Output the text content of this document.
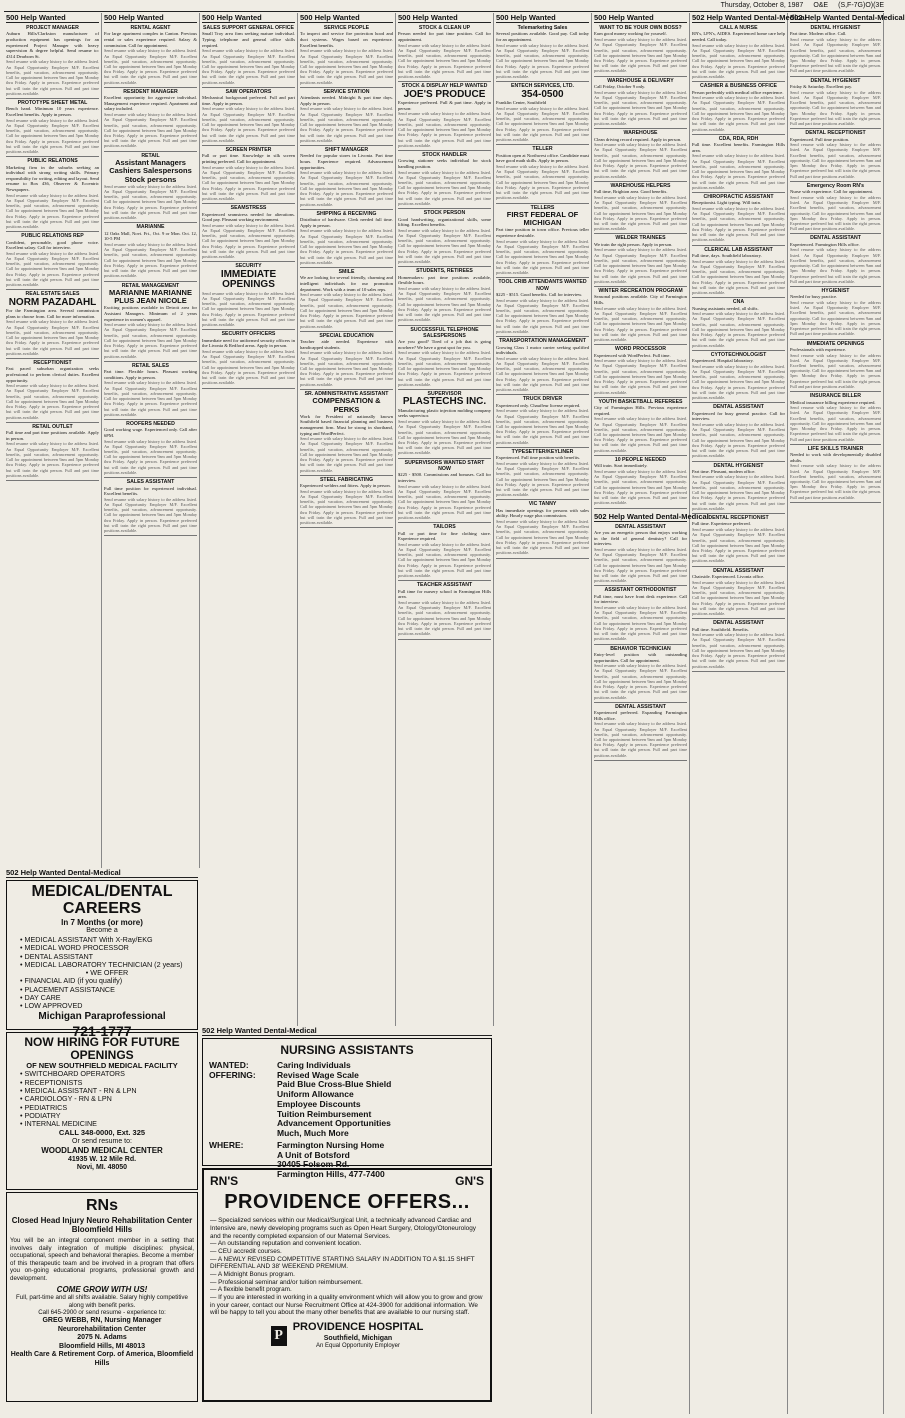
Thursday, October 8, 1987 O&E (S,F-7G)O)(3E
500 Help Wanted
PROJECT MANAGER

Auburn Hills/Clarkston manufacturer of production equipment has openings for an experienced Project Manager with heavy supervision & degree helpful. Send resume to: 4314 Dearborn St.

Send resume with salary history to the address listed. An Equal Opportunity Employer M/F. Excellent benefits, paid vacation, advancement opportunity. Call for appointment between 9am and 5pm Monday thru Friday. Apply in person. Experience preferred but will train the right person. Full and part time positions available.

PROTOTYPE SHEET METAL

Bench hand. Minimum 10 years experience. Excellent benefits. Apply in person.

Send resume with salary history to the address listed. An Equal Opportunity Employer M/F. Excellent benefits, paid vacation, advancement opportunity. Call for appointment between 9am and 5pm Monday thru Friday. Apply in person. Experience preferred but will train the right person. Full and part time positions available.

PUBLIC RELATIONS

Marketing firm in the suburbs seeking an individual with strong writing skills. Primary responsibility for writing, editing and layout. Send resume to Box 436, Observer & Eccentric Newspapers.

Send resume with salary history to the address listed. An Equal Opportunity Employer M/F. Excellent benefits, paid vacation, advancement opportunity. Call for appointment between 9am and 5pm Monday thru Friday. Apply in person. Experience preferred but will train the right person. Full and part time positions available.

PUBLIC RELATIONS REP

Confident, personable, good phone voice. Excellent salary. Call for interview.

Send resume with salary history to the address listed. An Equal Opportunity Employer M/F. Excellent benefits, paid vacation, advancement opportunity. Call for appointment between 9am and 5pm Monday thru Friday. Apply in person. Experience preferred but will train the right person. Full and part time positions available.

REAL ESTATE SALES
NORM PAZADAHL

For the Farmington area. Several commission plans to choose from. Call for more information.

Send resume with salary history to the address listed. An Equal Opportunity Employer M/F. Excellent benefits, paid vacation, advancement opportunity. Call for appointment between 9am and 5pm Monday thru Friday. Apply in person. Experience preferred but will train the right person. Full and part time positions available.

RECEPTIONIST

Fast paced suburban organization seeks professional to perform clerical duties. Excellent opportunity.

Send resume with salary history to the address listed. An Equal Opportunity Employer M/F. Excellent benefits, paid vacation, advancement opportunity. Call for appointment between 9am and 5pm Monday thru Friday. Apply in person. Experience preferred but will train the right person. Full and part time positions available.

RETAIL OUTLET

Full time and part time positions available. Apply in person.

Send resume with salary history to the address listed. An Equal Opportunity Employer M/F. Excellent benefits, paid vacation, advancement opportunity. Call for appointment between 9am and 5pm Monday thru Friday. Apply in person. Experience preferred but will train the right person. Full and part time positions available.

500 Help Wanted
RENTAL AGENT

For large apartment complex in Canton. Previous rental or sales experience required. Salary & commission. Call for appointment.

Send resume with salary history to the address listed. An Equal Opportunity Employer M/F. Excellent benefits, paid vacation, advancement opportunity. Call for appointment between 9am and 5pm Monday thru Friday. Apply in person. Experience preferred but will train the right person. Full and part time positions available.

RESIDENT MANAGER

Excellent opportunity for aggressive individual. Management experience required. Apartment and salary included.

Send resume with salary history to the address listed. An Equal Opportunity Employer M/F. Excellent benefits, paid vacation, advancement opportunity. Call for appointment between 9am and 5pm Monday thru Friday. Apply in person. Experience preferred but will train the right person. Full and part time positions available.

RETAIL
Assistant Managers Cashiers Salespersons Stock persons

Send resume with salary history to the address listed. An Equal Opportunity Employer M/F. Excellent benefits, paid vacation, advancement opportunity. Call for appointment between 9am and 5pm Monday thru Friday. Apply in person. Experience preferred but will train the right person. Full and part time positions available.

MARIANNE

12 Oaks Mall, Novi. Fri., Oct. 9 or Mon. Oct. 12, 10-5 PM

Send resume with salary history to the address listed. An Equal Opportunity Employer M/F. Excellent benefits, paid vacation, advancement opportunity. Call for appointment between 9am and 5pm Monday thru Friday. Apply in person. Experience preferred but will train the right person. Full and part time positions available.

RETAIL MANAGEMENT
MARIANNE MARIANNE PLUS JEAN NICOLE

Exciting positions available in Detroit area for Assistant Managers. Minimum of 2 years experience in women's apparel.

Send resume with salary history to the address listed. An Equal Opportunity Employer M/F. Excellent benefits, paid vacation, advancement opportunity. Call for appointment between 9am and 5pm Monday thru Friday. Apply in person. Experience preferred but will train the right person. Full and part time positions available.

RETAIL SALES

Part time. Flexible hours. Pleasant working conditions. Apply in person.

Send resume with salary history to the address listed. An Equal Opportunity Employer M/F. Excellent benefits, paid vacation, advancement opportunity. Call for appointment between 9am and 5pm Monday thru Friday. Apply in person. Experience preferred but will train the right person. Full and part time positions available.

ROOFERS NEEDED

Good working wage. Experienced only. Call after 6PM.

Send resume with salary history to the address listed. An Equal Opportunity Employer M/F. Excellent benefits, paid vacation, advancement opportunity. Call for appointment between 9am and 5pm Monday thru Friday. Apply in person. Experience preferred but will train the right person. Full and part time positions available.

SALES ASSISTANT

Full time position for experienced individual. Excellent benefits.

Send resume with salary history to the address listed. An Equal Opportunity Employer M/F. Excellent benefits, paid vacation, advancement opportunity. Call for appointment between 9am and 5pm Monday thru Friday. Apply in person. Experience preferred but will train the right person. Full and part time positions available.

500 Help Wanted
SALES SUPPORT GENERAL OFFICE

Small Troy area firm seeking mature individual. Typing, telephone and general office skills required.

Send resume with salary history to the address listed. An Equal Opportunity Employer M/F. Excellent benefits, paid vacation, advancement opportunity. Call for appointment between 9am and 5pm Monday thru Friday. Apply in person. Experience preferred but will train the right person. Full and part time positions available.

SAW OPERATORS

Mechanical background preferred. Full and part time. Apply in person.

Send resume with salary history to the address listed. An Equal Opportunity Employer M/F. Excellent benefits, paid vacation, advancement opportunity. Call for appointment between 9am and 5pm Monday thru Friday. Apply in person. Experience preferred but will train the right person. Full and part time positions available.

SCREEN PRINTER

Full or part time. Knowledge in silk screen printing preferred. Call for appointment.

Send resume with salary history to the address listed. An Equal Opportunity Employer M/F. Excellent benefits, paid vacation, advancement opportunity. Call for appointment between 9am and 5pm Monday thru Friday. Apply in person. Experience preferred but will train the right person. Full and part time positions available.

SEAMSTRESS

Experienced seamstress needed for alterations. Good pay. Pleasant working environment.

Send resume with salary history to the address listed. An Equal Opportunity Employer M/F. Excellent benefits, paid vacation, advancement opportunity. Call for appointment between 9am and 5pm Monday thru Friday. Apply in person. Experience preferred but will train the right person. Full and part time positions available.

SECURITY
IMMEDIATE OPENINGS

Send resume with salary history to the address listed. An Equal Opportunity Employer M/F. Excellent benefits, paid vacation, advancement opportunity. Call for appointment between 9am and 5pm Monday thru Friday. Apply in person. Experience preferred but will train the right person. Full and part time positions available.

SECURITY OFFICERS

Immediate need for uniformed security officers in the Livonia & Redford areas. Apply in person.

Send resume with salary history to the address listed. An Equal Opportunity Employer M/F. Excellent benefits, paid vacation, advancement opportunity. Call for appointment between 9am and 5pm Monday thru Friday. Apply in person. Experience preferred but will train the right person. Full and part time positions available.

500 Help Wanted
SERVICE PEOPLE

To inspect and service fire protection hood and duct systems. Wages based on experience. Excellent benefits.

Send resume with salary history to the address listed. An Equal Opportunity Employer M/F. Excellent benefits, paid vacation, advancement opportunity. Call for appointment between 9am and 5pm Monday thru Friday. Apply in person. Experience preferred but will train the right person. Full and part time positions available.

SERVICE STATION

Attendants needed. Midnight & part time days. Apply in person.

Send resume with salary history to the address listed. An Equal Opportunity Employer M/F. Excellent benefits, paid vacation, advancement opportunity. Call for appointment between 9am and 5pm Monday thru Friday. Apply in person. Experience preferred but will train the right person. Full and part time positions available.

SHIFT MANAGER

Needed for popular stores in Livonia. Part time hours. Experience required. Advancement opportunities.

Send resume with salary history to the address listed. An Equal Opportunity Employer M/F. Excellent benefits, paid vacation, advancement opportunity. Call for appointment between 9am and 5pm Monday thru Friday. Apply in person. Experience preferred but will train the right person. Full and part time positions available.

SHIPPING & RECEIVING

Distributor of hardware. Clerk needed full time. Apply in person.

Send resume with salary history to the address listed. An Equal Opportunity Employer M/F. Excellent benefits, paid vacation, advancement opportunity. Call for appointment between 9am and 5pm Monday thru Friday. Apply in person. Experience preferred but will train the right person. Full and part time positions available.

SMILE

We are looking for several friendly, charming and intelligent individuals for our promotion department. Work with a team of 10 sales reps.

Send resume with salary history to the address listed. An Equal Opportunity Employer M/F. Excellent benefits, paid vacation, advancement opportunity. Call for appointment between 9am and 5pm Monday thru Friday. Apply in person. Experience preferred but will train the right person. Full and part time positions available.

SPECIAL EDUCATION

Teacher aide needed. Experience with handicapped students.

Send resume with salary history to the address listed. An Equal Opportunity Employer M/F. Excellent benefits, paid vacation, advancement opportunity. Call for appointment between 9am and 5pm Monday thru Friday. Apply in person. Experience preferred but will train the right person. Full and part time positions available.

SR. ADMINISTRATIVE ASSISTANT
COMPENSATION & PERKS

Work for President of nationally known Southfield based financial planning and business management firm. Must be strong in shorthand, typing and WordPerfect.

Send resume with salary history to the address listed. An Equal Opportunity Employer M/F. Excellent benefits, paid vacation, advancement opportunity. Call for appointment between 9am and 5pm Monday thru Friday. Apply in person. Experience preferred but will train the right person. Full and part time positions available.

STEEL FABRICATING

Experienced welders and fitters. Apply in person.

Send resume with salary history to the address listed. An Equal Opportunity Employer M/F. Excellent benefits, paid vacation, advancement opportunity. Call for appointment between 9am and 5pm Monday thru Friday. Apply in person. Experience preferred but will train the right person. Full and part time positions available.

500 Help Wanted
STOCK & CLEAN UP

Person needed for part time position. Call for appointment.

Send resume with salary history to the address listed. An Equal Opportunity Employer M/F. Excellent benefits, paid vacation, advancement opportunity. Call for appointment between 9am and 5pm Monday thru Friday. Apply in person. Experience preferred but will train the right person. Full and part time positions available.

STOCK & DISPLAY HELP WANTED
JOE'S PRODUCE

Experience preferred. Full & part time. Apply in person:

Send resume with salary history to the address listed. An Equal Opportunity Employer M/F. Excellent benefits, paid vacation, advancement opportunity. Call for appointment between 9am and 5pm Monday thru Friday. Apply in person. Experience preferred but will train the right person. Full and part time positions available.

STOCK HANDLER

Growing stationer seeks individual for stock handling position.

Send resume with salary history to the address listed. An Equal Opportunity Employer M/F. Excellent benefits, paid vacation, advancement opportunity. Call for appointment between 9am and 5pm Monday thru Friday. Apply in person. Experience preferred but will train the right person. Full and part time positions available.

STOCK PERSON

Good handwriting, organizational skills, some lifting. Excellent benefits.

Send resume with salary history to the address listed. An Equal Opportunity Employer M/F. Excellent benefits, paid vacation, advancement opportunity. Call for appointment between 9am and 5pm Monday thru Friday. Apply in person. Experience preferred but will train the right person. Full and part time positions available.

STUDENTS, RETIREES

Homemakers: part time positions available, flexible hours.

Send resume with salary history to the address listed. An Equal Opportunity Employer M/F. Excellent benefits, paid vacation, advancement opportunity. Call for appointment between 9am and 5pm Monday thru Friday. Apply in person. Experience preferred but will train the right person. Full and part time positions available.

SUCCESSFUL TELEPHONE SALESPERSONS

Are you good? Tired of a job that is going nowhere? We have a great spot for you.

Send resume with salary history to the address listed. An Equal Opportunity Employer M/F. Excellent benefits, paid vacation, advancement opportunity. Call for appointment between 9am and 5pm Monday thru Friday. Apply in person. Experience preferred but will train the right person. Full and part time positions available.

SUPERVISOR
PLASTECHS INC.

Manufacturing plastic injection molding company seeks supervisor.

Send resume with salary history to the address listed. An Equal Opportunity Employer M/F. Excellent benefits, paid vacation, advancement opportunity. Call for appointment between 9am and 5pm Monday thru Friday. Apply in person. Experience preferred but will train the right person. Full and part time positions available.

SUPERVISORS WANTED START NOW

$225 - $500. Commissions and bonuses. Call for interview.

Send resume with salary history to the address listed. An Equal Opportunity Employer M/F. Excellent benefits, paid vacation, advancement opportunity. Call for appointment between 9am and 5pm Monday thru Friday. Apply in person. Experience preferred but will train the right person. Full and part time positions available.

TAILORS

Full or part time for fine clothing store. Experience required.

Send resume with salary history to the address listed. An Equal Opportunity Employer M/F. Excellent benefits, paid vacation, advancement opportunity. Call for appointment between 9am and 5pm Monday thru Friday. Apply in person. Experience preferred but will train the right person. Full and part time positions available.

TEACHER ASSISTANT

Full time for nursery school in Farmington Hills area.

Send resume with salary history to the address listed. An Equal Opportunity Employer M/F. Excellent benefits, paid vacation, advancement opportunity. Call for appointment between 9am and 5pm Monday thru Friday. Apply in person. Experience preferred but will train the right person. Full and part time positions available.

500 Help Wanted
Telemarketing Sales

Several positions available. Good pay. Call today for an appointment.

Send resume with salary history to the address listed. An Equal Opportunity Employer M/F. Excellent benefits, paid vacation, advancement opportunity. Call for appointment between 9am and 5pm Monday thru Friday. Apply in person. Experience preferred but will train the right person. Full and part time positions available.

ENTECH SERVICES, LTD.
354-0500

Franklin Center, Southfield

Send resume with salary history to the address listed. An Equal Opportunity Employer M/F. Excellent benefits, paid vacation, advancement opportunity. Call for appointment between 9am and 5pm Monday thru Friday. Apply in person. Experience preferred but will train the right person. Full and part time positions available.

TELLER

Position open at Northwest office. Candidate must have good math skills. Apply in person.

Send resume with salary history to the address listed. An Equal Opportunity Employer M/F. Excellent benefits, paid vacation, advancement opportunity. Call for appointment between 9am and 5pm Monday thru Friday. Apply in person. Experience preferred but will train the right person. Full and part time positions available.

TELLERS
FIRST FEDERAL OF MICHIGAN

Part time position in town office. Previous teller experience desirable.

Send resume with salary history to the address listed. An Equal Opportunity Employer M/F. Excellent benefits, paid vacation, advancement opportunity. Call for appointment between 9am and 5pm Monday thru Friday. Apply in person. Experience preferred but will train the right person. Full and part time positions available.

TOOL CRIB ATTENDANTS WANTED NOW

$225 - $515. Good benefits. Call for interview.

Send resume with salary history to the address listed. An Equal Opportunity Employer M/F. Excellent benefits, paid vacation, advancement opportunity. Call for appointment between 9am and 5pm Monday thru Friday. Apply in person. Experience preferred but will train the right person. Full and part time positions available.

TRANSPORTATION MANAGEMENT

Growing Class 1 motor carrier seeking qualified individuals.

Send resume with salary history to the address listed. An Equal Opportunity Employer M/F. Excellent benefits, paid vacation, advancement opportunity. Call for appointment between 9am and 5pm Monday thru Friday. Apply in person. Experience preferred but will train the right person. Full and part time positions available.

TRUCK DRIVER

Experienced only. Chauffeur license required.

Send resume with salary history to the address listed. An Equal Opportunity Employer M/F. Excellent benefits, paid vacation, advancement opportunity. Call for appointment between 9am and 5pm Monday thru Friday. Apply in person. Experience preferred but will train the right person. Full and part time positions available.

TYPESETTER/KEYLINER

Experienced. Full time position with benefits.

Send resume with salary history to the address listed. An Equal Opportunity Employer M/F. Excellent benefits, paid vacation, advancement opportunity. Call for appointment between 9am and 5pm Monday thru Friday. Apply in person. Experience preferred but will train the right person. Full and part time positions available.

VIC TANNY

Has immediate openings for persons with sales ability. Hourly wage plus commission.

Send resume with salary history to the address listed. An Equal Opportunity Employer M/F. Excellent benefits, paid vacation, advancement opportunity. Call for appointment between 9am and 5pm Monday thru Friday. Apply in person. Experience preferred but will train the right person. Full and part time positions available.

500 Help Wanted
WANT TO BE YOUR OWN BOSS?

Earn good money working for yourself.

Send resume with salary history to the address listed. An Equal Opportunity Employer M/F. Excellent benefits, paid vacation, advancement opportunity. Call for appointment between 9am and 5pm Monday thru Friday. Apply in person. Experience preferred but will train the right person. Full and part time positions available.

WAREHOUSE & DELIVERY

Call Friday, October 9 only.

Send resume with salary history to the address listed. An Equal Opportunity Employer M/F. Excellent benefits, paid vacation, advancement opportunity. Call for appointment between 9am and 5pm Monday thru Friday. Apply in person. Experience preferred but will train the right person. Full and part time positions available.

WAREHOUSE

Clean driving record required. Apply in person.

Send resume with salary history to the address listed. An Equal Opportunity Employer M/F. Excellent benefits, paid vacation, advancement opportunity. Call for appointment between 9am and 5pm Monday thru Friday. Apply in person. Experience preferred but will train the right person. Full and part time positions available.

WAREHOUSE HELPERS

Full time, Brighton area. Good benefits.

Send resume with salary history to the address listed. An Equal Opportunity Employer M/F. Excellent benefits, paid vacation, advancement opportunity. Call for appointment between 9am and 5pm Monday thru Friday. Apply in person. Experience preferred but will train the right person. Full and part time positions available.

WELDER TRAINEES

We train the right person. Apply in person.

Send resume with salary history to the address listed. An Equal Opportunity Employer M/F. Excellent benefits, paid vacation, advancement opportunity. Call for appointment between 9am and 5pm Monday thru Friday. Apply in person. Experience preferred but will train the right person. Full and part time positions available.

WINTER RECREATION PROGRAM

Seasonal positions available. City of Farmington Hills.

Send resume with salary history to the address listed. An Equal Opportunity Employer M/F. Excellent benefits, paid vacation, advancement opportunity. Call for appointment between 9am and 5pm Monday thru Friday. Apply in person. Experience preferred but will train the right person. Full and part time positions available.

WORD PROCESSOR

Experienced with WordPerfect. Full time.

Send resume with salary history to the address listed. An Equal Opportunity Employer M/F. Excellent benefits, paid vacation, advancement opportunity. Call for appointment between 9am and 5pm Monday thru Friday. Apply in person. Experience preferred but will train the right person. Full and part time positions available.

YOUTH BASKETBALL REFEREES

City of Farmington Hills. Previous experience required.

Send resume with salary history to the address listed. An Equal Opportunity Employer M/F. Excellent benefits, paid vacation, advancement opportunity. Call for appointment between 9am and 5pm Monday thru Friday. Apply in person. Experience preferred but will train the right person. Full and part time positions available.

10 PEOPLE NEEDED

Will train. Start immediately.

Send resume with salary history to the address listed. An Equal Opportunity Employer M/F. Excellent benefits, paid vacation, advancement opportunity. Call for appointment between 9am and 5pm Monday thru Friday. Apply in person. Experience preferred but will train the right person. Full and part time positions available.

502 Help Wanted Dental-Medical
DENTAL ASSISTANT

Are you an energetic person that enjoys working in the field of general dentistry? Call for interview.

Send resume with salary history to the address listed. An Equal Opportunity Employer M/F. Excellent benefits, paid vacation, advancement opportunity. Call for appointment between 9am and 5pm Monday thru Friday. Apply in person. Experience preferred but will train the right person. Full and part time positions available.

ASSISTANT ORTHODONTIST

Full time, must have front desk experience. Call for interview.

Send resume with salary history to the address listed. An Equal Opportunity Employer M/F. Excellent benefits, paid vacation, advancement opportunity. Call for appointment between 9am and 5pm Monday thru Friday. Apply in person. Experience preferred but will train the right person. Full and part time positions available.

BEHAVIOR TECHNICIAN

Entry-level position with outstanding opportunities. Call for appointment.

Send resume with salary history to the address listed. An Equal Opportunity Employer M/F. Excellent benefits, paid vacation, advancement opportunity. Call for appointment between 9am and 5pm Monday thru Friday. Apply in person. Experience preferred but will train the right person. Full and part time positions available.

DENTAL ASSISTANT

Experienced preferred. Expanding Farmington Hills office.

Send resume with salary history to the address listed. An Equal Opportunity Employer M/F. Excellent benefits, paid vacation, advancement opportunity. Call for appointment between 9am and 5pm Monday thru Friday. Apply in person. Experience preferred but will train the right person. Full and part time positions available.

502 Help Wanted Dental-Medical
CALL A NURSE

RN's, LPN's, AIDES. Experienced home care help needed. Call today.

Send resume with salary history to the address listed. An Equal Opportunity Employer M/F. Excellent benefits, paid vacation, advancement opportunity. Call for appointment between 9am and 5pm Monday thru Friday. Apply in person. Experience preferred but will train the right person. Full and part time positions available.

CASHIER & BUSINESS OFFICE

Person preferably with medical office experience.

Send resume with salary history to the address listed. An Equal Opportunity Employer M/F. Excellent benefits, paid vacation, advancement opportunity. Call for appointment between 9am and 5pm Monday thru Friday. Apply in person. Experience preferred but will train the right person. Full and part time positions available.

CDA, RDA, RDH

Full time. Excellent benefits. Farmington Hills area.

Send resume with salary history to the address listed. An Equal Opportunity Employer M/F. Excellent benefits, paid vacation, advancement opportunity. Call for appointment between 9am and 5pm Monday thru Friday. Apply in person. Experience preferred but will train the right person. Full and part time positions available.

CHIROPRACTIC ASSISTANT

Receptionist. Light typing. Will train.

Send resume with salary history to the address listed. An Equal Opportunity Employer M/F. Excellent benefits, paid vacation, advancement opportunity. Call for appointment between 9am and 5pm Monday thru Friday. Apply in person. Experience preferred but will train the right person. Full and part time positions available.

CLERICAL LAB ASSISTANT

Full time, days. Southfield laboratory.

Send resume with salary history to the address listed. An Equal Opportunity Employer M/F. Excellent benefits, paid vacation, advancement opportunity. Call for appointment between 9am and 5pm Monday thru Friday. Apply in person. Experience preferred but will train the right person. Full and part time positions available.

CNA

Nursing assistants needed, all shifts.

Send resume with salary history to the address listed. An Equal Opportunity Employer M/F. Excellent benefits, paid vacation, advancement opportunity. Call for appointment between 9am and 5pm Monday thru Friday. Apply in person. Experience preferred but will train the right person. Full and part time positions available.

CYTOTECHNOLOGIST

Experienced. Hospital laboratory.

Send resume with salary history to the address listed. An Equal Opportunity Employer M/F. Excellent benefits, paid vacation, advancement opportunity. Call for appointment between 9am and 5pm Monday thru Friday. Apply in person. Experience preferred but will train the right person. Full and part time positions available.

DENTAL ASSISTANT

Experienced for busy general practice. Call for interview.

Send resume with salary history to the address listed. An Equal Opportunity Employer M/F. Excellent benefits, paid vacation, advancement opportunity. Call for appointment between 9am and 5pm Monday thru Friday. Apply in person. Experience preferred but will train the right person. Full and part time positions available.

DENTAL HYGIENIST

Part time. Pleasant, modern office.

Send resume with salary history to the address listed. An Equal Opportunity Employer M/F. Excellent benefits, paid vacation, advancement opportunity. Call for appointment between 9am and 5pm Monday thru Friday. Apply in person. Experience preferred but will train the right person. Full and part time positions available.

DENTAL RECEPTIONIST

Full time. Experience preferred.

Send resume with salary history to the address listed. An Equal Opportunity Employer M/F. Excellent benefits, paid vacation, advancement opportunity. Call for appointment between 9am and 5pm Monday thru Friday. Apply in person. Experience preferred but will train the right person. Full and part time positions available.

DENTAL ASSISTANT

Chairside. Experienced. Livonia office.

Send resume with salary history to the address listed. An Equal Opportunity Employer M/F. Excellent benefits, paid vacation, advancement opportunity. Call for appointment between 9am and 5pm Monday thru Friday. Apply in person. Experience preferred but will train the right person. Full and part time positions available.

DENTAL ASSISTANT

Full time. Southfield. Benefits.

Send resume with salary history to the address listed. An Equal Opportunity Employer M/F. Excellent benefits, paid vacation, advancement opportunity. Call for appointment between 9am and 5pm Monday thru Friday. Apply in person. Experience preferred but will train the right person. Full and part time positions available.

502 Help Wanted Dental-Medical
DENTAL HYGIENIST

Part time. Modern office. Call.

Send resume with salary history to the address listed. An Equal Opportunity Employer M/F. Excellent benefits, paid vacation, advancement opportunity. Call for appointment between 9am and 5pm Monday thru Friday. Apply in person. Experience preferred but will train the right person. Full and part time positions available.

DENTAL HYGIENIST

Friday & Saturday. Excellent pay.

Send resume with salary history to the address listed. An Equal Opportunity Employer M/F. Excellent benefits, paid vacation, advancement opportunity. Call for appointment between 9am and 5pm Monday thru Friday. Apply in person. Experience preferred but will train the right person. Full and part time positions available.

DENTAL RECEPTIONIST

Experienced. Full time position.

Send resume with salary history to the address listed. An Equal Opportunity Employer M/F. Excellent benefits, paid vacation, advancement opportunity. Call for appointment between 9am and 5pm Monday thru Friday. Apply in person. Experience preferred but will train the right person. Full and part time positions available.

Emergency Room RN's

Nurse with experience. Call for appointment.

Send resume with salary history to the address listed. An Equal Opportunity Employer M/F. Excellent benefits, paid vacation, advancement opportunity. Call for appointment between 9am and 5pm Monday thru Friday. Apply in person. Experience preferred but will train the right person. Full and part time positions available.

DENTAL ASSISTANT

Experienced. Farmington Hills office.

Send resume with salary history to the address listed. An Equal Opportunity Employer M/F. Excellent benefits, paid vacation, advancement opportunity. Call for appointment between 9am and 5pm Monday thru Friday. Apply in person. Experience preferred but will train the right person. Full and part time positions available.

HYGIENIST

Needed for busy practice.

Send resume with salary history to the address listed. An Equal Opportunity Employer M/F. Excellent benefits, paid vacation, advancement opportunity. Call for appointment between 9am and 5pm Monday thru Friday. Apply in person. Experience preferred but will train the right person. Full and part time positions available.

IMMEDIATE OPENINGS

Professionals with experience.

Send resume with salary history to the address listed. An Equal Opportunity Employer M/F. Excellent benefits, paid vacation, advancement opportunity. Call for appointment between 9am and 5pm Monday thru Friday. Apply in person. Experience preferred but will train the right person. Full and part time positions available.

INSURANCE BILLER

Medical insurance billing experience required.

Send resume with salary history to the address listed. An Equal Opportunity Employer M/F. Excellent benefits, paid vacation, advancement opportunity. Call for appointment between 9am and 5pm Monday thru Friday. Apply in person. Experience preferred but will train the right person. Full and part time positions available.

LIFE SKILLS TRAINER

Needed to work with developmentally disabled adults.

Send resume with salary history to the address listed. An Equal Opportunity Employer M/F. Excellent benefits, paid vacation, advancement opportunity. Call for appointment between 9am and 5pm Monday thru Friday. Apply in person. Experience preferred but will train the right person. Full and part time positions available.

502 Help Wanted Dental-Medical
MEDICAL/DENTAL CAREERS
In 7 Months (or more)
Become a
• MEDICAL ASSISTANT With X-Ray/EKG
• MEDICAL WORD PROCESSOR
• DENTAL ASSISTANT
• MEDICAL LABORATORY TECHNICIAN (2 years)
• WE OFFER
• FINANCIAL AID (if you qualify)
• PLACEMENT ASSISTANCE
• DAY CARE
• LOW APPROVED
Michigan Paraprofessional
721-1777
NOW HIRING FOR FUTURE OPENINGS
OF NEW SOUTHFIELD MEDICAL FACILITY
• SWITCHBOARD OPERATORS
• RECEPTIONISTS
• MEDICAL ASSISTANT - RN & LPN
• CARDIOLOGY - RN & LPN
• PEDIATRICS
• PODIATRY
• INTERNAL MEDICINE
CALL 348-0000, Ext. 325
Or send resume to:
WOODLAND MEDICAL CENTER
41935 W. 12 Mile Rd.
Novi, MI. 48050
RNs
Closed Head Injury Neuro Rehabilitation Center
Bloomfield Hills

You will be an integral component member in a setting that involves daily integration of multiple disciplines: physical, occupational, speech and behavioral therapies. Become a member of this therapeutic team and be involved in a program that offers you on-going educational programs, professional growth and development.

COME GROW WITH US!

Full, part-time and all shifts available. Salary highly competitive along with benefit perks.

Call 645-2900 or send resume - experience to:

GREG WEBB, RN, Nursing Manager
Neurorehabilitation Center
2075 N. Adams
Bloomfield Hills, MI 48013
Health Care & Retirement Corp. of America, Bloomfield Hills
502 Help Wanted Dental-Medical
NURSING ASSISTANTS
WANTED:	Caring Individuals
OFFERING:	Revised Wage Scale
Paid Blue Cross-Blue Shield
Uniform Allowance
Employee Discounts
Tuition Reimbursement
Advancement Opportunities
Much, Much More
WHERE:	Farmington Nursing Home
A Unit of Botsford
30405 Folsom Rd.
Farmington Hills, 477-7400
RN'S	GN'S
PROVIDENCE OFFERS...
— Specialized services within our Medical/Surgical Unit, a technically advanced Cardiac and Intensive are, newly developing programs such as Open Heart Surgery, Otology/Otoneurology and the recently completed expansion of our Maternal Services.
— An outstanding reputation and convenient location.
— CEU accredit courses.
— A NEWLY REVISED COMPETITIVE STARTING SALARY IN ADDITION TO A $1.15 SHIFT DIFFERENTIAL AND 38' WEEKEND PREMIUM.
— A Midnight Bonus program.
— Professional seminar and/or tuition reimbursement.
— A flexible benefit program.
— If you are interested in working in a quality environment which will allow you to grow and grow in your career, contact our Nurse Recruitment Office at 424-3900 for additional information. We will be happy to tell you about the many other benefits that are available to our nursing staff.
P
PROVIDENCE HOSPITAL
Southfield, Michigan
An Equal Opportunity Employer
